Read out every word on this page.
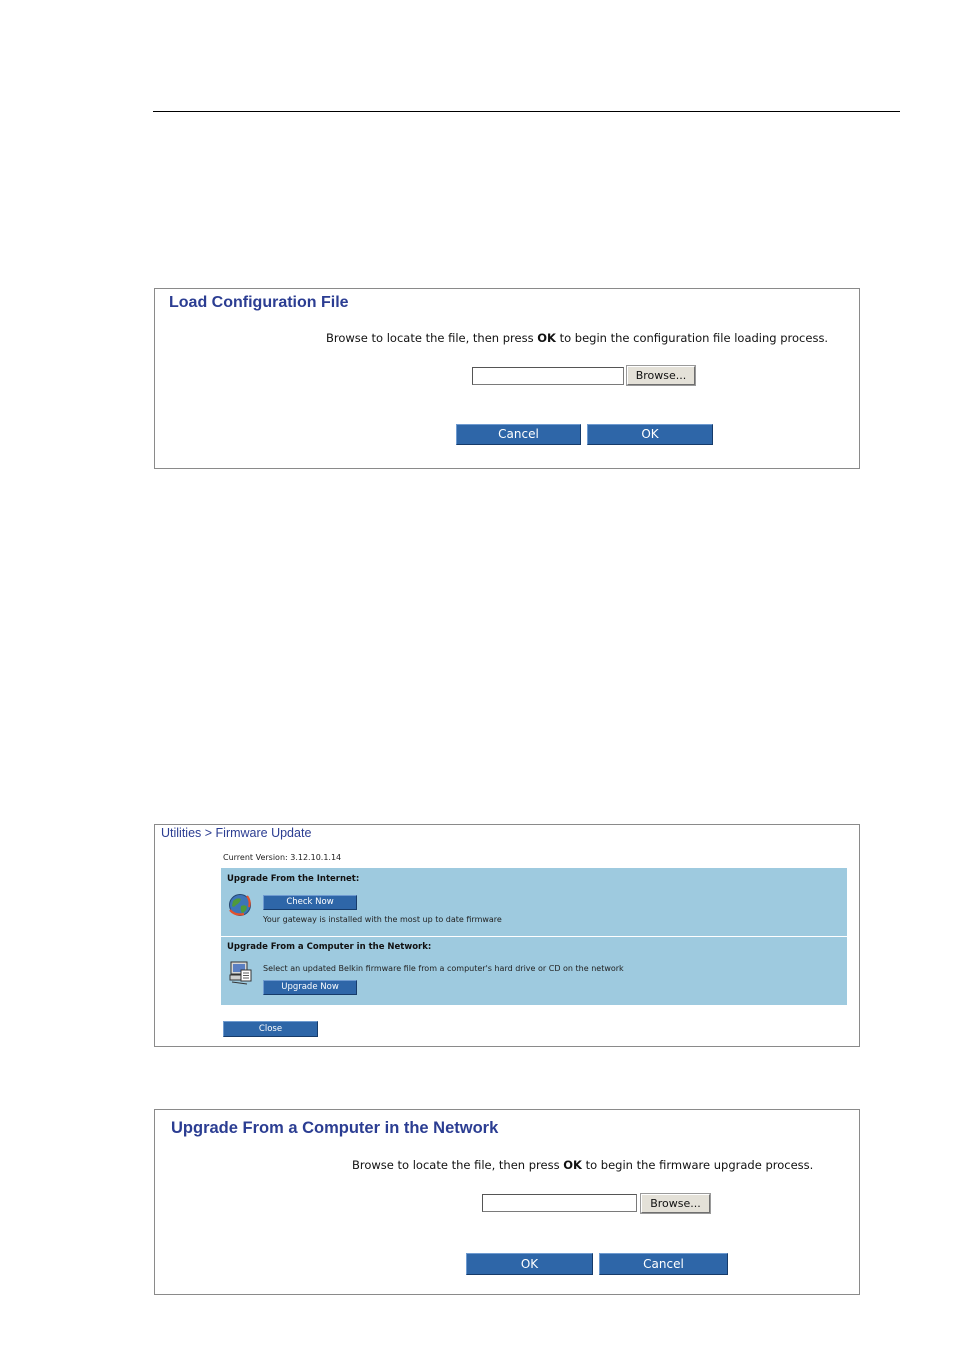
Load Configuration File
Browse to locate the file, then press OK to begin the configuration file loading process.
Browse...
Cancel	OK
Utilities > Firmware Update
Current Version: 3.12.10.1.14
Upgrade From the Internet:
Check Now
Your gateway is installed with the most up to date firmware
Upgrade From a Computer in the Network:
Select an updated Belkin firmware file from a computer's hard drive or CD on the network
Upgrade Now
Close
Upgrade From a Computer in the Network
Browse to locate the file, then press OK to begin the firmware upgrade process.
Browse...
OK	Cancel
